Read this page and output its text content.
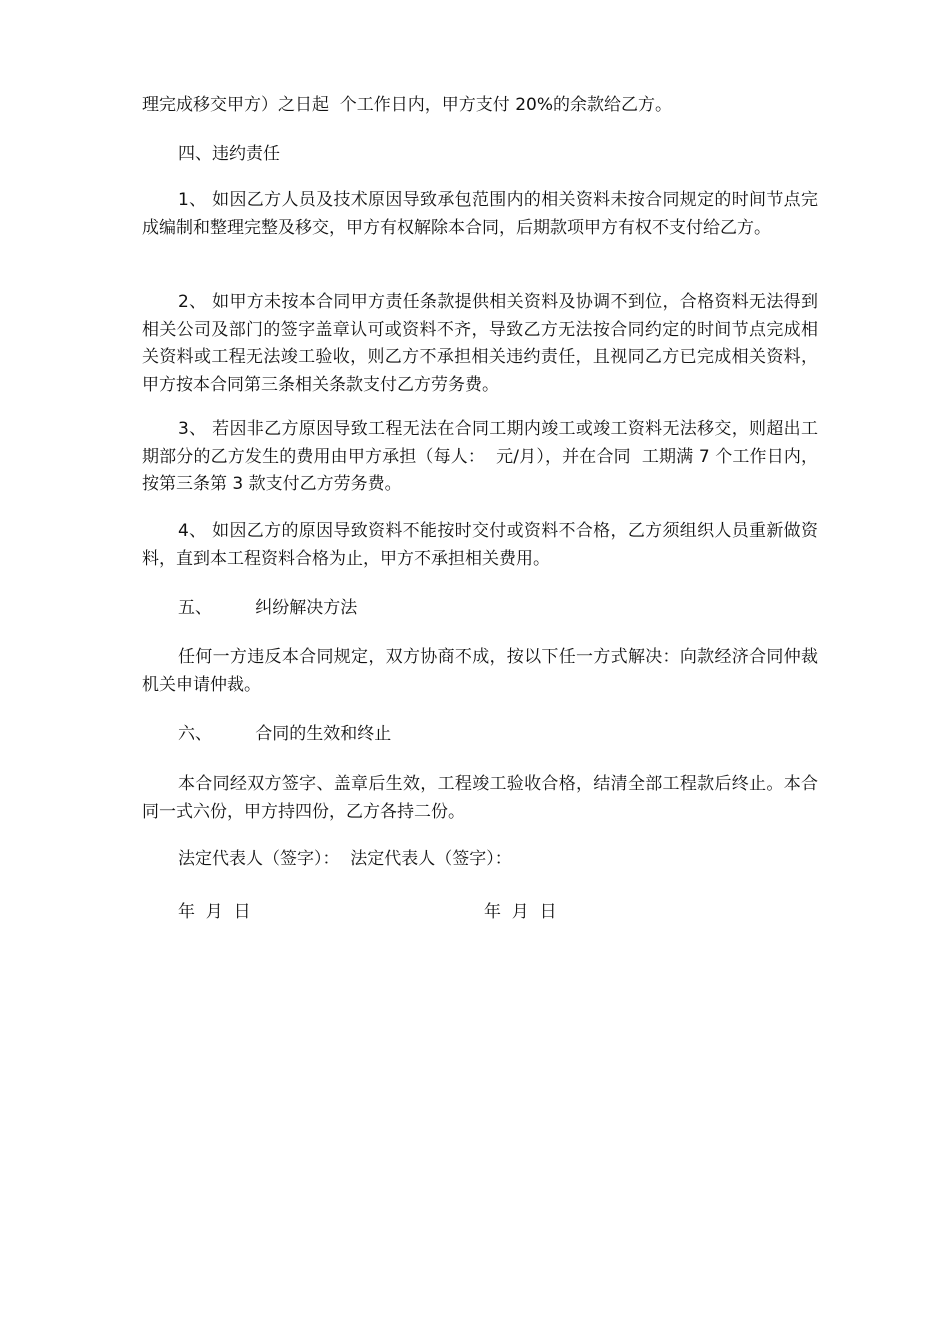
理完成移交甲方）之日起  个工作日内，甲方支付 20%的余款给乙方。

四、违约责任

1、 如因乙方人员及技术原因导致承包范围内的相关资料未按合同规定的时间节点完成编制和整理完整及移交，甲方有权解除本合同，后期款项甲方有权不支付给乙方。

2、 如甲方未按本合同甲方责任条款提供相关资料及协调不到位，合格资料无法得到相关公司及部门的签字盖章认可或资料不齐，导致乙方无法按合同约定的时间节点完成相关资料或工程无法竣工验收，则乙方不承担相关违约责任，且视同乙方已完成相关资料，甲方按本合同第三条相关条款支付乙方劳务费。

3、 若因非乙方原因导致工程无法在合同工期内竣工或竣工资料无法移交，则超出工期部分的乙方发生的费用由甲方承担（每人：  元/月），并在合同  工期满 7 个工作日内，按第三条第 3 款支付乙方劳务费。

4、 如因乙方的原因导致资料不能按时交付或资料不合格，乙方须组织人员重新做资料，直到本工程资料合格为止，甲方不承担相关费用。

五、        纠纷解决方法

任何一方违反本合同规定，双方协商不成，按以下任一方式解决：向款经济合同仲裁机关申请仲裁。

六、        合同的生效和终止

本合同经双方签字、盖章后生效，工程竣工验收合格，结清全部工程款后终止。本合同一式六份，甲方持四份，乙方各持二份。

法定代表人（签字）：  法定代表人（签字）：
年  月  日	年  月  日
